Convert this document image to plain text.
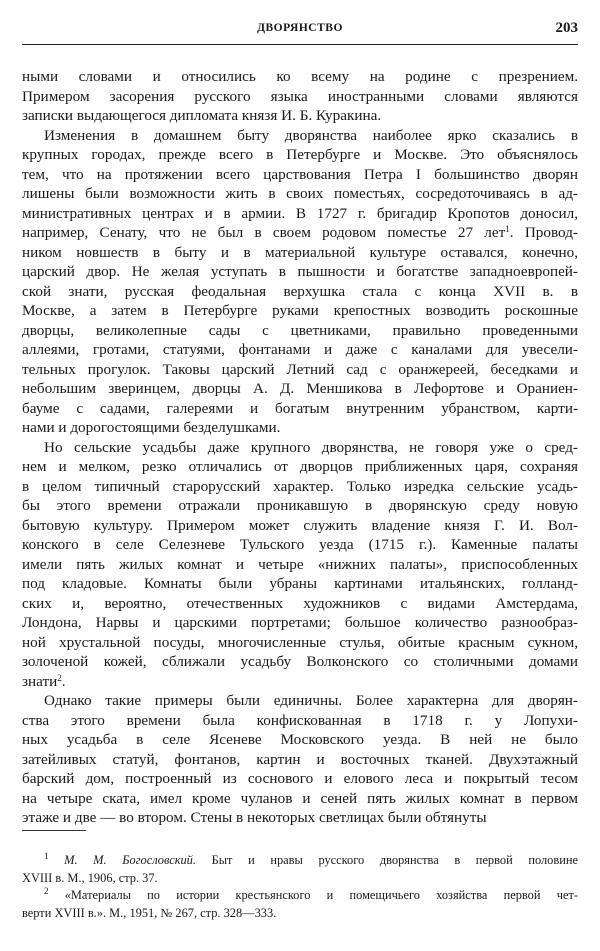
ДВОРЯНСТВО	203
ными словами и относились ко всему на родине с презрением.
Примером засорения русского языка иностранными словами являются
записки выдающегося дипломата князя И. Б. Куракина.
Изменения в домашнем быту дворянства наиболее ярко сказались в
крупных городах, прежде всего в Петербурге и Москве. Это объяснялось
тем, что на протяжении всего царствования Петра I большинство дворян
лишены были возможности жить в своих поместьях, сосредоточиваясь в ад-
министративных центрах и в армии. В 1727 г. бригадир Кропотов доносил,
например, Сенату, что не был в своем родовом поместье 27 лет$^1$. Провод-
ником новшеств в быту и в материальной культуре оставался, конечно,
царский двор. Не желая уступать в пышности и богатстве западноевропей-
ской знати, русская феодальная верхушка стала с конца XVII в. в
Москве, а затем в Петербурге руками крепостных возводить роскошные
дворцы, великолепные сады с цветниками, правильно проведенными
аллеями, гротами, статуями, фонтанами и даже с каналами для увесели-
тельных прогулок. Таковы царский Летний сад с оранжереей, беседками и
небольшим зверинцем, дворцы А. Д. Меншикова в Лефортове и Ораниен-
бауме с садами, галереями и богатым внутренним убранством, карти-
нами и дорогостоящими безделушками.
Но сельские усадьбы даже крупного дворянства, не говоря уже о сред-
нем и мелком, резко отличались от дворцов приближенных царя, сохраняя
в целом типичный старорусский характер. Только изредка сельские усадь-
бы этого времени отражали проникавшую в дворянскую среду новую
бытовую культуру. Примером может служить владение князя Г. И. Вол-
конского в селе Селезневе Тульского уезда (1715 г.). Каменные палаты
имели пять жилых комнат и четыре «нижних палаты», приспособленных
под кладовые. Комнаты были убраны картинами итальянских, голланд-
ских и, вероятно, отечественных художников с видами Амстердама,
Лондона, Нарвы и царскими портретами; большое количество разнообраз-
ной хрустальной посуды, многочисленные стулья, обитые красным сукном,
золоченой кожей, сближали усадьбу Волконского со столичными домами
знати$^2$.
Однако такие примеры были единичны. Более характерна для дворян-
ства этого времени была конфискованная в 1718 г. у Лопухи-
ных усадьба в селе Ясеневе Московского уезда. В ней не было
затейливых статуй, фонтанов, картин и восточных тканей. Двухэтажный
барский дом, построенный из соснового и елового леса и покрытый тесом
на четыре ската, имел кроме чуланов и сеней пять жилых комнат в первом
этаже и две — во втором. Стены в некоторых светлицах были обтянуты
$^1$ М. М. Богословский. Быт и нравы русского дворянства в первой половине
XVIII в. М., 1906, стр. 37.
$^2$ «Материалы по истории крестьянского и помещичьего хозяйства первой чет-
верти XVIII в.». М., 1951, № 267, стр. 328—333.
